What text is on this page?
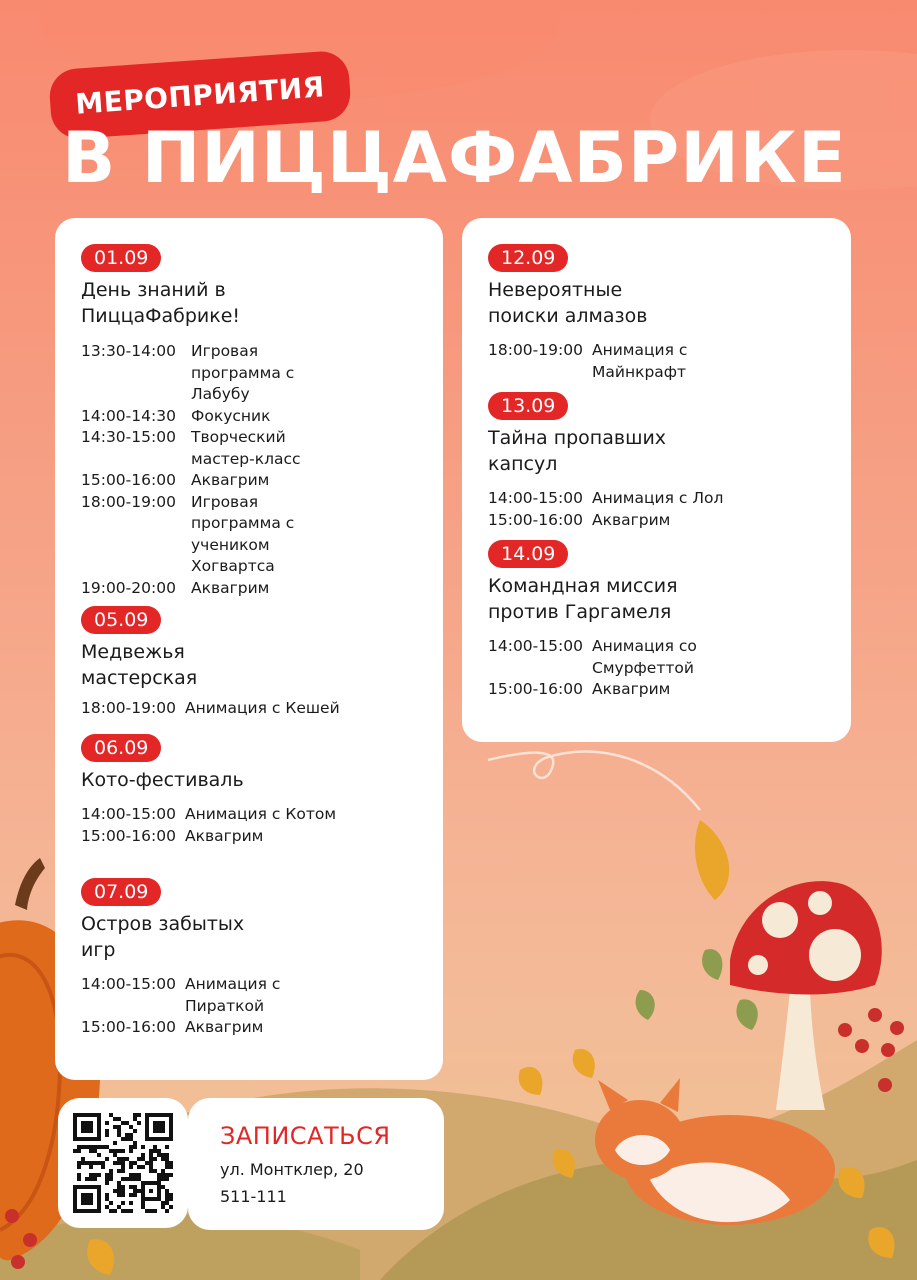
МЕРОПРИЯТИЯ
В ПИЦЦАФАБРИКЕ
01.09
День знаний в
ПиццаФабрике!
13:30-14:00 Игровая
программа с
Лабубу
14:00-14:30 Фокусник
14:30-15:00 Творческий
мастер-класс
15:00-16:00 Аквагрим
18:00-19:00 Игровая
программа с
учеником
Хогвартса
19:00-20:00 Аквагрим
05.09
Медвежья
мастерская
18:00-19:00 Анимация с Кешей
06.09
Кото-фестиваль
14:00-15:00 Анимация с Котом
15:00-16:00 Аквагрим
07.09
Остров забытых
игр
14:00-15:00 Анимация с
Пираткой
15:00-16:00 Аквагрим
12.09
Невероятные
поиски алмазов
18:00-19:00 Анимация с
Майнкрафт
13.09
Тайна пропавших
капсул
14:00-15:00 Анимация с Лол
15:00-16:00 Аквагрим
14.09
Командная миссия
против Гаргамеля
14:00-15:00 Анимация со
Смурфеттой
15:00-16:00 Аквагрим
ЗАПИСАТЬСЯ
ул. Монтклер, 20
511-111
